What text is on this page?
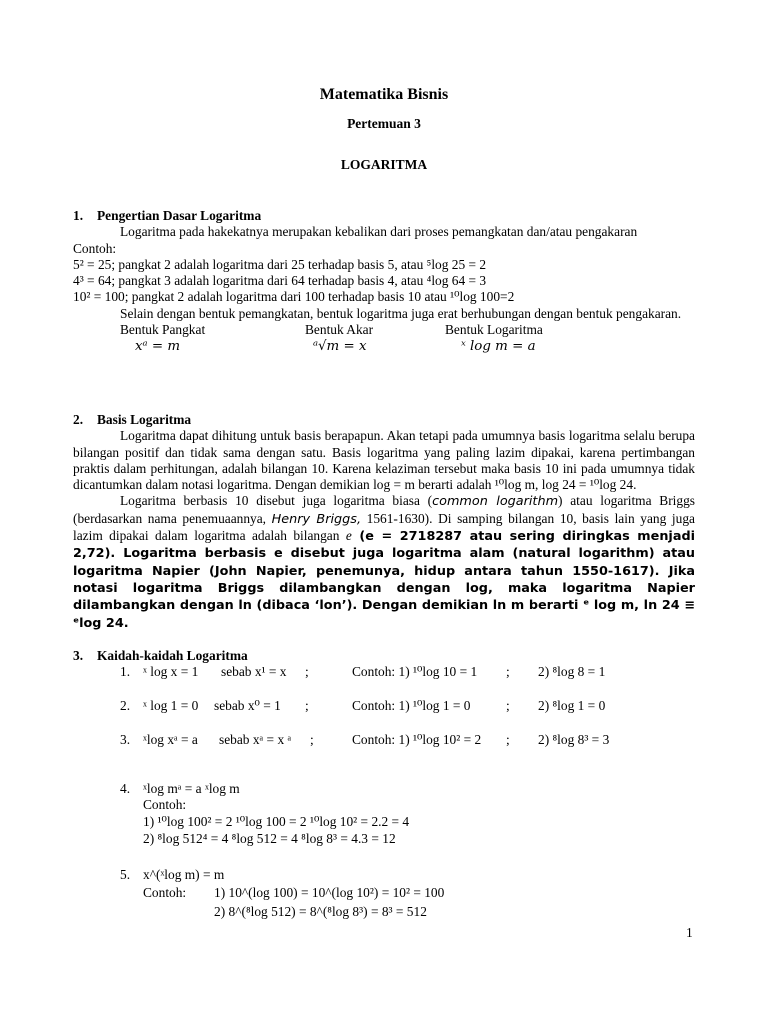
Matematika Bisnis
Pertemuan 3
LOGARITMA
1. Pengertian Dasar Logaritma

Logaritma pada hakekatnya merupakan kebalikan dari proses pemangkatan dan/atau pengakaran

Contoh:

5² = 25; pangkat 2 adalah logaritma dari 25 terhadap basis 5, atau ⁵log 25 = 2

4³ = 64; pangkat 3 adalah logaritma dari 64 terhadap basis 4, atau ⁴log 64 = 3

10² = 100; pangkat 2 adalah logaritma dari 100 terhadap basis 10 atau ¹⁰log 100=2

Selain dengan bentuk pemangkatan, bentuk logaritma juga erat berhubungan dengan bentuk pengakaran.

Bentuk Pangkat	Bentuk Akar	Bentuk Logaritma
xᵃ = m	ᵃ√m = x	ˣ log m = a
2. Basis Logaritma

Logaritma dapat dihitung untuk basis berapapun. Akan tetapi pada umumnya basis logaritma selalu berupa bilangan positif dan tidak sama dengan satu. Basis logaritma yang paling lazim dipakai, karena pertimbangan praktis dalam perhitungan, adalah bilangan 10. Karena kelaziman tersebut maka basis 10 ini pada umumnya tidak dicantumkan dalam notasi logaritma. Dengan demikian log = m berarti adalah ¹⁰log m, log 24 = ¹⁰log 24.

Logaritma berbasis 10 disebut juga logaritma biasa (common logarithm) atau logaritma Briggs (berdasarkan nama penemuaannya, Henry Briggs, 1561-1630). Di samping bilangan 10, basis lain yang juga lazim dipakai dalam logaritma adalah bilangan e (e = 2718287 atau sering diringkas menjadi 2,72). Logaritma berbasis e disebut juga logaritma alam (natural logarithm) atau logaritma Napier (John Napier, penemunya, hidup antara tahun 1550-1617). Jika notasi logaritma Briggs dilambangkan dengan log, maka logaritma Napier dilambangkan dengan ln (dibaca ‘lon’). Dengan demikian ln m berarti ᵉ log m, ln 24 ≡ ᵉlog 24.

3. Kaidah-kaidah Logaritma
1. ˣ log x = 1 sebab x¹ = x ;	Contoh: 1) ¹⁰log 10 = 1 ; 2) ⁸log 8 = 1
2. ˣ log 1 = 0 sebab x⁰ = 1 ;	Contoh: 1) ¹⁰log 1 = 0	; 2) ⁸log 1 = 0
3. ˣlog xᵃ = a sebab xᵃ = x ᵃ ;	Contoh: 1) ¹⁰log 10² = 2 ; 2) ⁸log 8³ = 3
4. ˣlog mᵃ = a ˣlog m
Contoh:
1) ¹⁰log 100² = 2 ¹⁰log 100 = 2 ¹⁰log 10² = 2.2 = 4
2) ⁸log 512⁴ = 4 ⁸log 512 = 4 ⁸log 8³ = 4.3 = 12
5. x^(ˣlog m) = m
Contoh: 1) 10^(log 100) = 10^(log 10²) = 10² = 100
2) 8^(⁸log 512) = 8^(⁸log 8³) = 8³ = 512
1
